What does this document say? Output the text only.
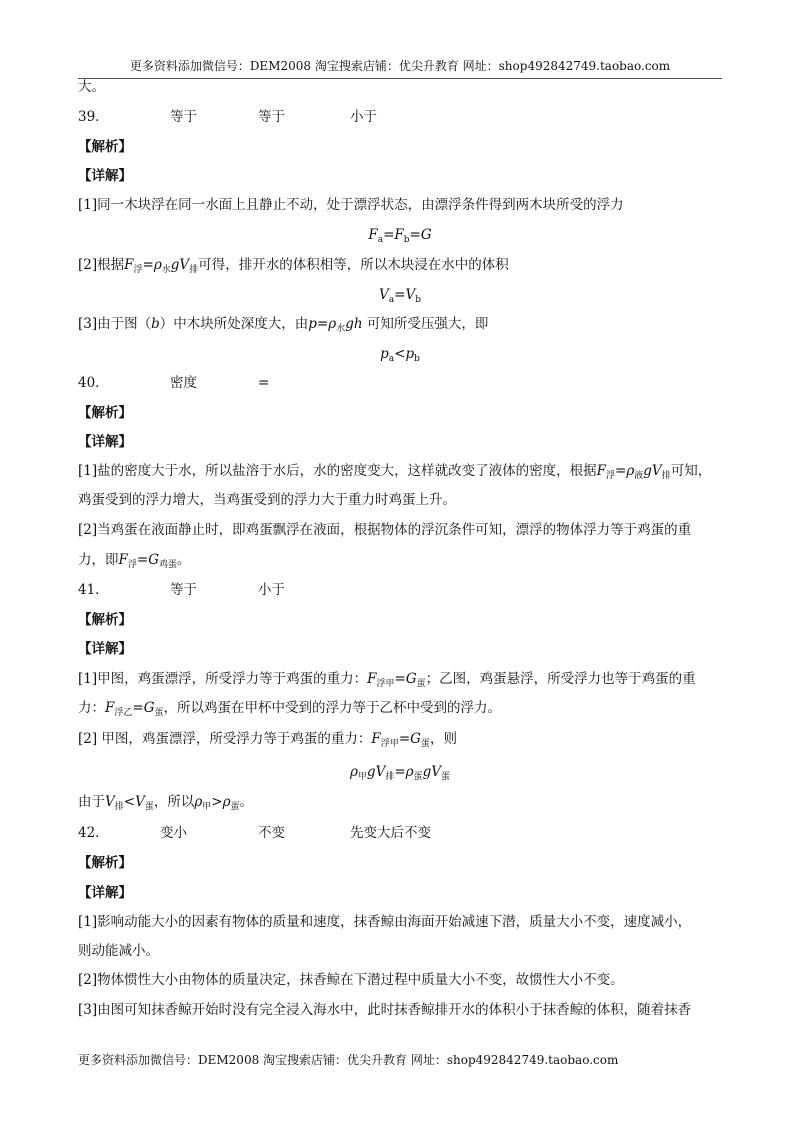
更多资料添加微信号：DEM2008 淘宝搜索店铺：优尖升教育 网址：shop492842749.taobao.com
大。
39．	等于	等于	小于
【解析】
【详解】
[1]同一木块浮在同一水面上且静止不动，处于漂浮状态，由漂浮条件得到两木块所受的浮力
$F_a=F_b=G$
[2]根据$F_浮=\rho_水gV_排$可得，排开水的体积相等，所以木块浸在水中的体积
$V_a=V_b$
[3]由于图（b）中木块所处深度大，由$p=\rho_水gh$ 可知所受压强大，即
$p_a<p_b$
40．	密度	=
【解析】
【详解】
[1]盐的密度大于水，所以盐溶于水后，水的密度变大，这样就改变了液体的密度，根据$F_浮=\rho_液gV_排$可知，
鸡蛋受到的浮力增大，当鸡蛋受到的浮力大于重力时鸡蛋上升。
[2]当鸡蛋在液面静止时，即鸡蛋飘浮在液面，根据物体的浮沉条件可知，漂浮的物体浮力等于鸡蛋的重
力，即$F_浮=G_{鸡蛋}$。
41．	等于	小于
【解析】
【详解】
[1]甲图，鸡蛋漂浮，所受浮力等于鸡蛋的重力：$F_{浮甲}=G_蛋$；乙图，鸡蛋悬浮，所受浮力也等于鸡蛋的重
力：$F_{浮乙}=G_蛋$，所以鸡蛋在甲杯中受到的浮力等于乙杯中受到的浮力。
[2] 甲图，鸡蛋漂浮，所受浮力等于鸡蛋的重力：$F_{浮甲}=G_蛋$，则
$\rho_甲gV_排=\rho_蛋gV_蛋$
由于$V_排<V_蛋$，所以$\rho_甲>\rho_蛋$。
42．	变小	不变	先变大后不变
【解析】
【详解】
[1]影响动能大小的因素有物体的质量和速度，抹香鲸由海面开始减速下潜，质量大小不变，速度减小，
则动能减小。
[2]物体惯性大小由物体的质量决定，抹香鲸在下潜过程中质量大小不变，故惯性大小不变。
[3]由图可知抹香鲸开始时没有完全浸入海水中，此时抹香鲸排开水的体积小于抹香鲸的体积，随着抹香
更多资料添加微信号：DEM2008 淘宝搜索店铺：优尖升教育 网址：shop492842749.taobao.com
